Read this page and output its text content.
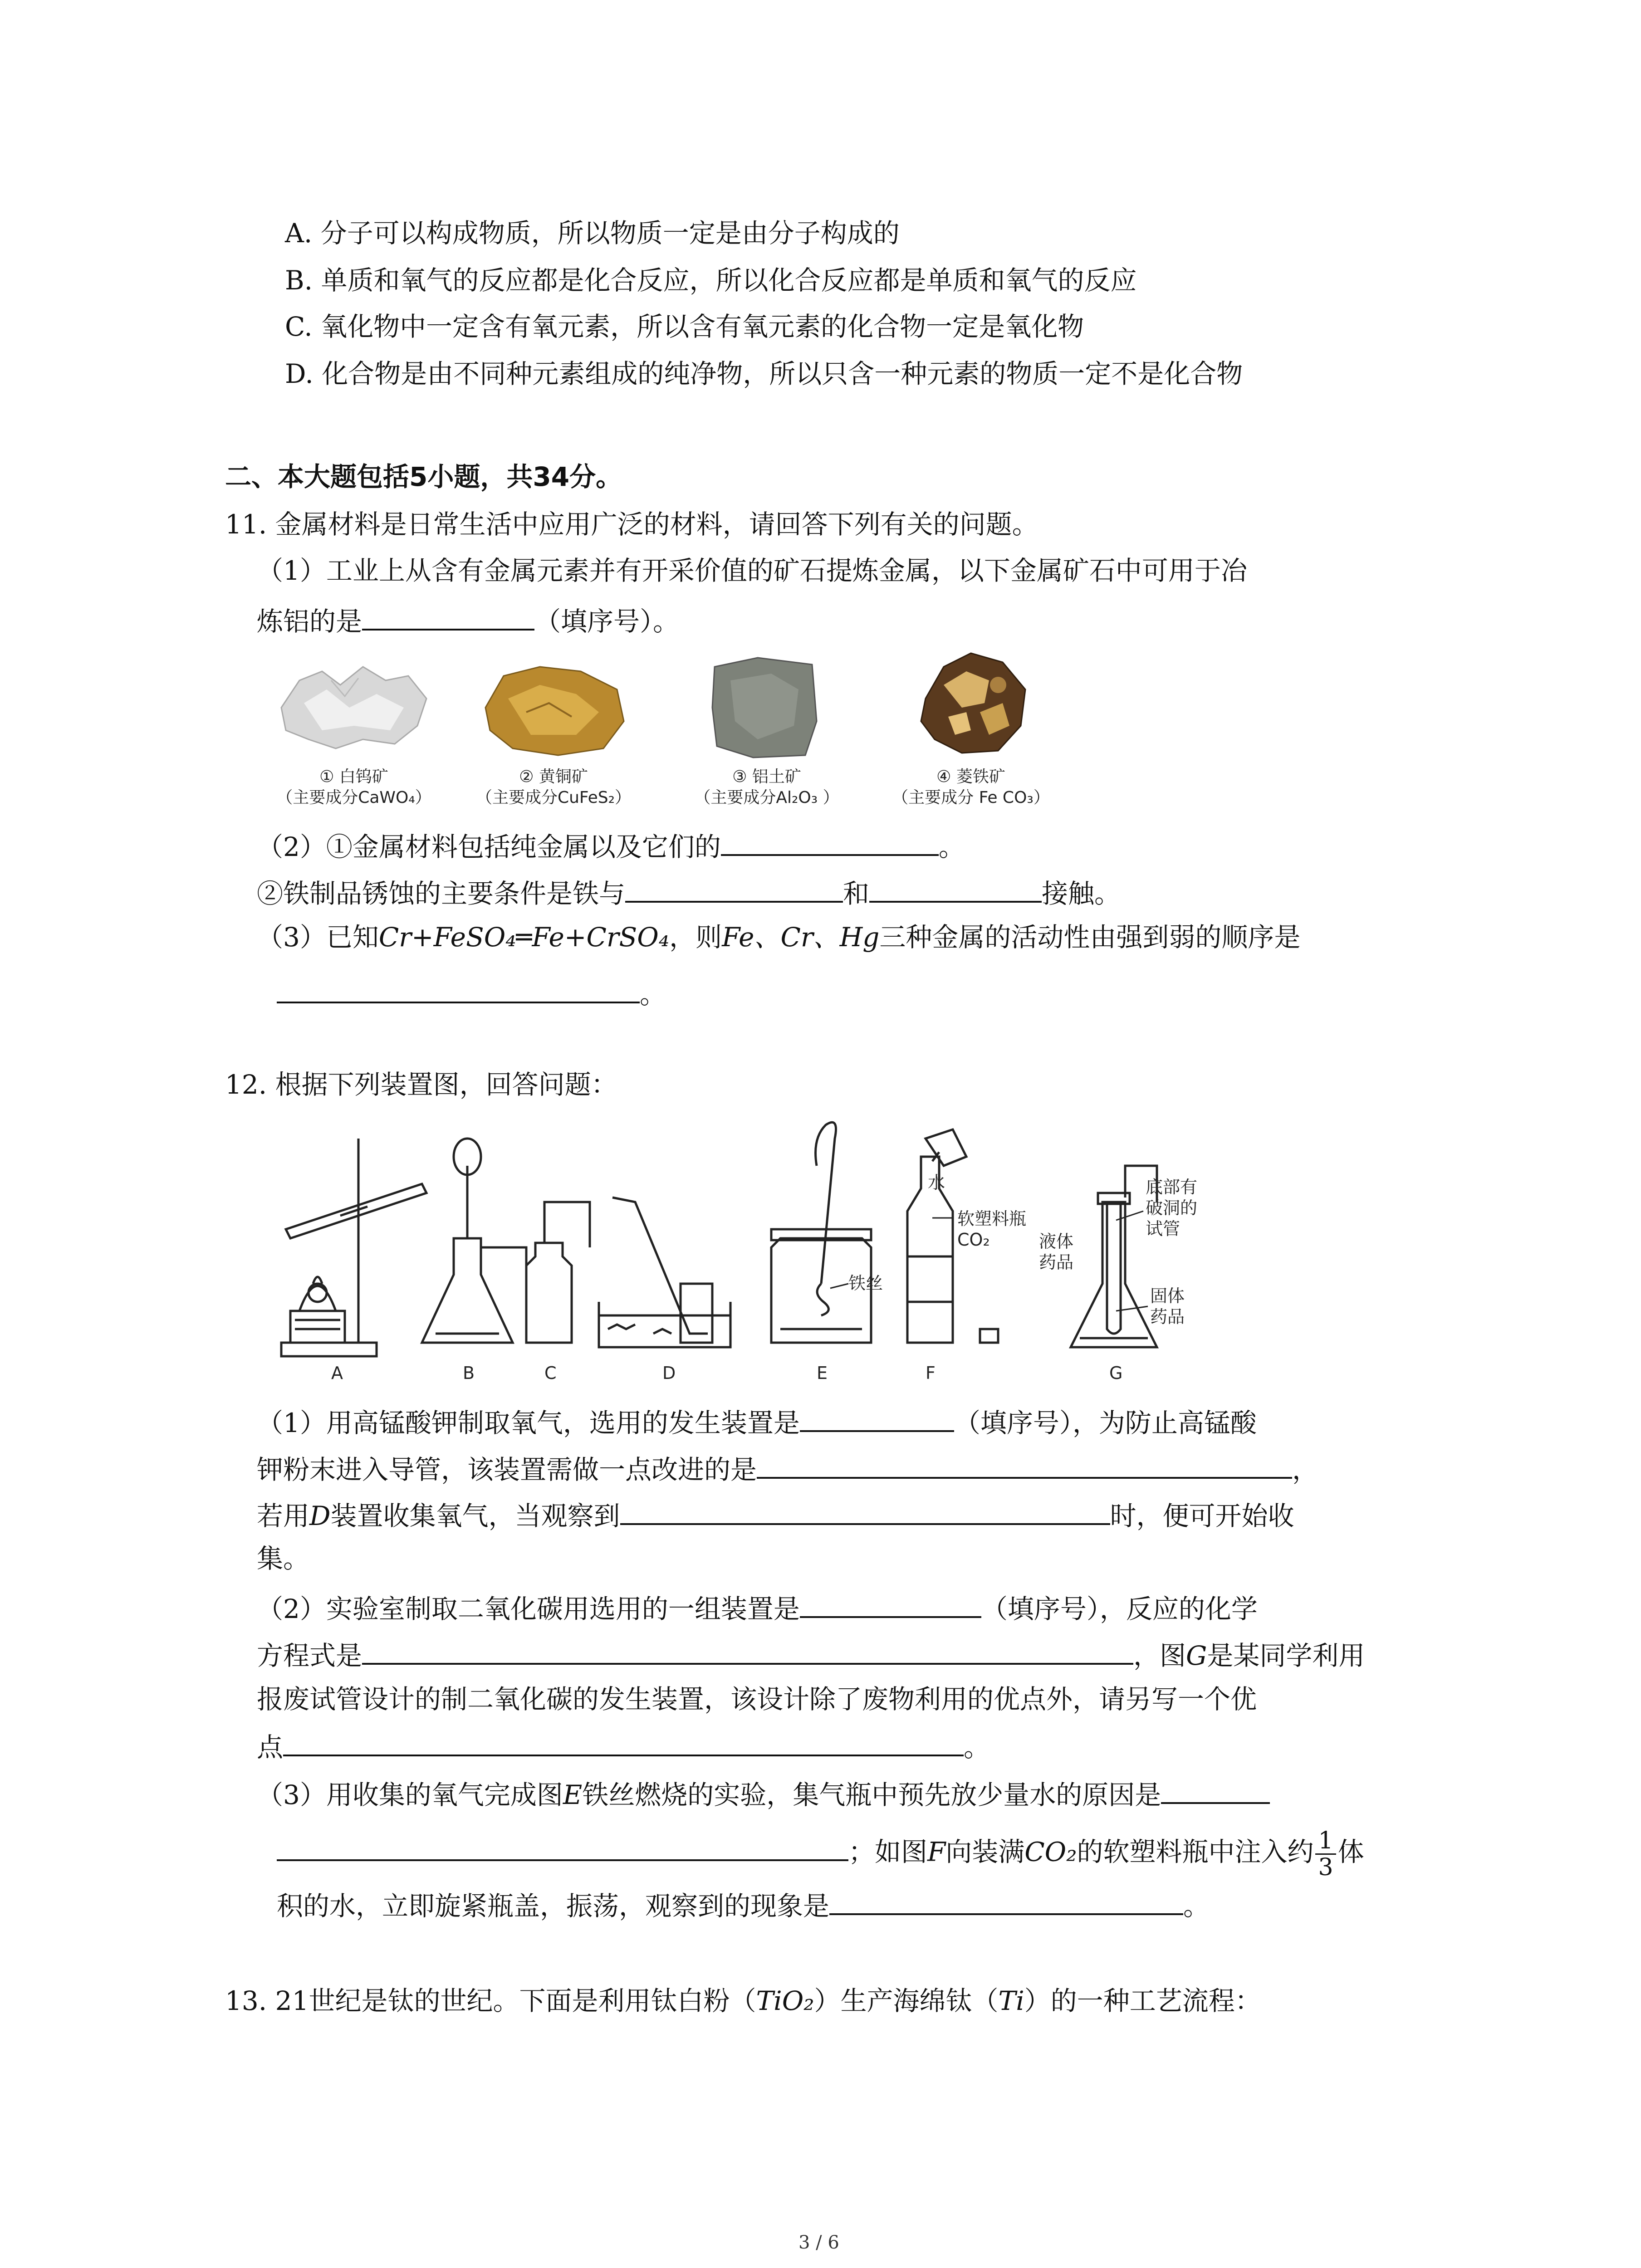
A. 分子可以构成物质，所以物质一定是由分子构成的
B. 单质和氧气的反应都是化合反应，所以化合反应都是单质和氧气的反应
C. 氧化物中一定含有氧元素，所以含有氧元素的化合物一定是氧化物
D. 化合物是由不同种元素组成的纯净物，所以只含一种元素的物质一定不是化合物
二、本大题包括5小题，共34分。
11. 金属材料是日常生活中应用广泛的材料，请回答下列有关的问题。
（1）工业上从含有金属元素并有开采价值的矿石提炼金属，以下金属矿石中可用于冶
炼铝的是	（填序号）。
① 白钨矿
（主要成分CaWO₄）
② 黄铜矿
（主要成分CuFeS₂）
③ 铝土矿
（主要成分Al₂O₃ ）
④ 菱铁矿
（主要成分 Fe CO₃）
（2）①金属材料包括纯金属以及它们的	。
②铁制品锈蚀的主要条件是铁与	和	接触。
（3）已知Cr+FeSO₄═Fe+CrSO₄，则Fe、Cr、Hg三种金属的活动性由强到弱的顺序是
。
12. 根据下列装置图，回答问题：
铁丝
水
软塑料瓶
CO₂	液体
药品
底部有
破洞的
试管
固体
药品
A	B	C	D	E	F	G
（1）用高锰酸钾制取氧气，选用的发生装置是	（填序号），为防止高锰酸
钾粉末进入导管，该装置需做一点改进的是	，
若用D装置收集氧气，当观察到	时，便可开始收
集。
（2）实验室制取二氧化碳用选用的一组装置是	（填序号），反应的化学
方程式是	，图G是某同学利用
报废试管设计的制二氧化碳的发生装置，该设计除了废物利用的优点外，请另写一个优
点	。
（3）用收集的氧气完成图E铁丝燃烧的实验，集气瓶中预先放少量水的原因是
；如图F向装满CO₂的软塑料瓶中注入约 $\frac{1}{3}$ 体
积的水，立即旋紧瓶盖，振荡，观察到的现象是	。
13. 21世纪是钛的世纪。下面是利用钛白粉（TiO₂）生产海绵钛（Ti）的一种工艺流程：
3 / 6
